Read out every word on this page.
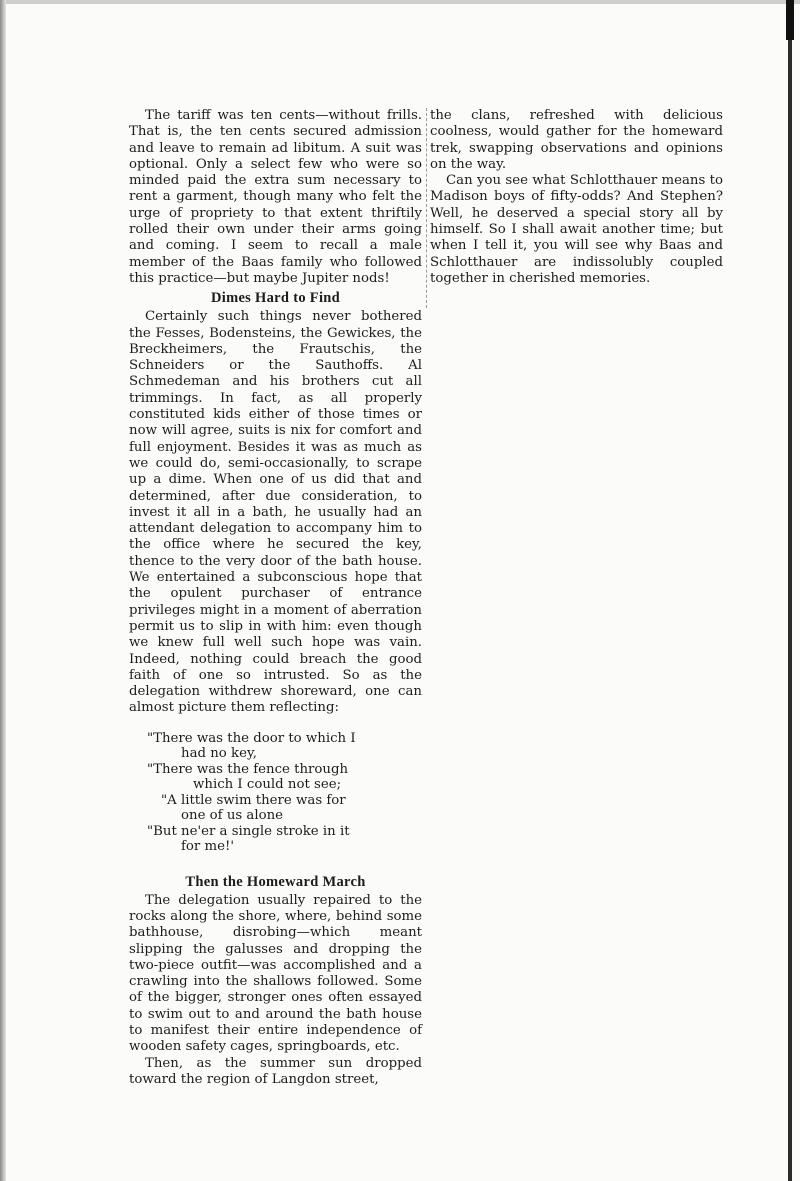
The tariff was ten cents—without frills. That is, the ten cents secured admission and leave to remain ad libitum. A suit was optional. Only a select few who were so minded paid the extra sum necessary to rent a garment, though many who felt the urge of propriety to that extent thriftily rolled their own under their arms going and coming. I seem to recall a male member of the Baas family who followed this practice—but maybe Jupiter nods!

Dimes Hard to Find

Certainly such things never bothered the Fesses, Bodensteins, the Gewickes, the Breckheimers, the Frautschis, the Schneiders or the Sauthoffs. Al Schmedeman and his brothers cut all trimmings. In fact, as all properly constituted kids either of those times or now will agree, suits is nix for comfort and full enjoyment. Besides it was as much as we could do, semi-occasionally, to scrape up a dime. When one of us did that and determined, after due consideration, to invest it all in a bath, he usually had an attendant delegation to accompany him to the office where he secured the key, thence to the very door of the bath house. We entertained a subconscious hope that the opulent purchaser of entrance privileges might in a moment of aberration permit us to slip in with him: even though we knew full well such hope was vain. Indeed, nothing could breach the good faith of one so intrusted. So as the delegation withdrew shoreward, one can almost picture them reflecting:

"There was the door to which I
had no key,
"There was the fence through
which I could not see;
"A little swim there was for
one of us alone
"But ne'er a single stroke in it
for me!'
Then the Homeward March

The delegation usually repaired to the rocks along the shore, where, behind some bathhouse, disrobing—which meant slipping the galusses and dropping the two-piece outfit—was accomplished and a crawling into the shallows followed. Some of the bigger, stronger ones often essayed to swim out to and around the bath house to manifest their entire independence of wooden safety cages, springboards, etc.

Then, as the summer sun dropped toward the region of Langdon street,

the clans, refreshed with delicious coolness, would gather for the homeward trek, swapping observations and opinions on the way.

Can you see what Schlotthauer means to Madison boys of fifty-odds? And Stephen? Well, he deserved a special story all by himself. So I shall await another time; but when I tell it, you will see why Baas and Schlotthauer are indissolubly coupled together in cherished memories.
